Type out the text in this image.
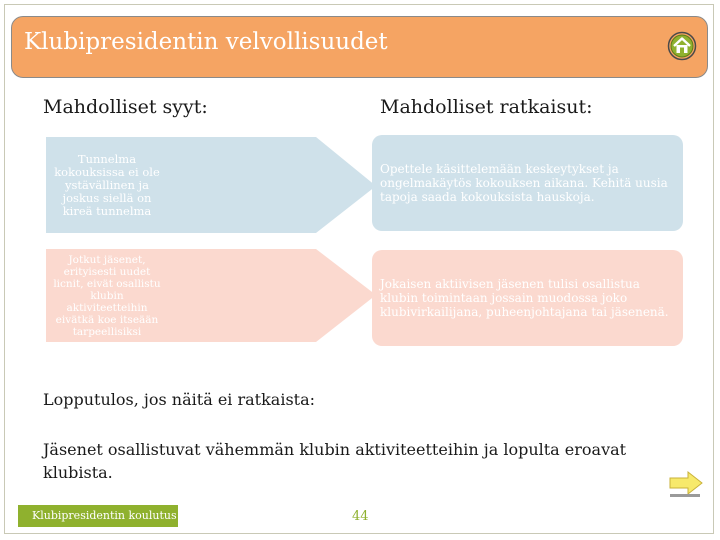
Klubipresidentin velvollisuudet
Mahdolliset syyt:	Mahdolliset ratkaisut:
Tunnelma kokouksissa ei ole ystävällinen ja joskus siellä on kireä tunnelma
Jotkut jäsenet, erityisesti uudet licnit, eivät osallistu klubin aktiviteetteihin eivätkä koe itseään tarpeellisiksi
Opettele käsittelemään keskeytykset ja ongelmakäytös kokouksen aikana. Kehitä uusia tapoja saada kokouksista hauskoja.
Jokaisen aktiivisen jäsenen tulisi osallistua klubin toimintaan jossain muodossa joko klubivirkailijana, puheenjohtajana tai jäsenenä.
Lopputulos, jos näitä ei ratkaista:
Jäsenet osallistuvat vähemmän klubin aktiviteetteihin ja lopulta eroavat klubista.
Klubipresidentin koulutus	44
